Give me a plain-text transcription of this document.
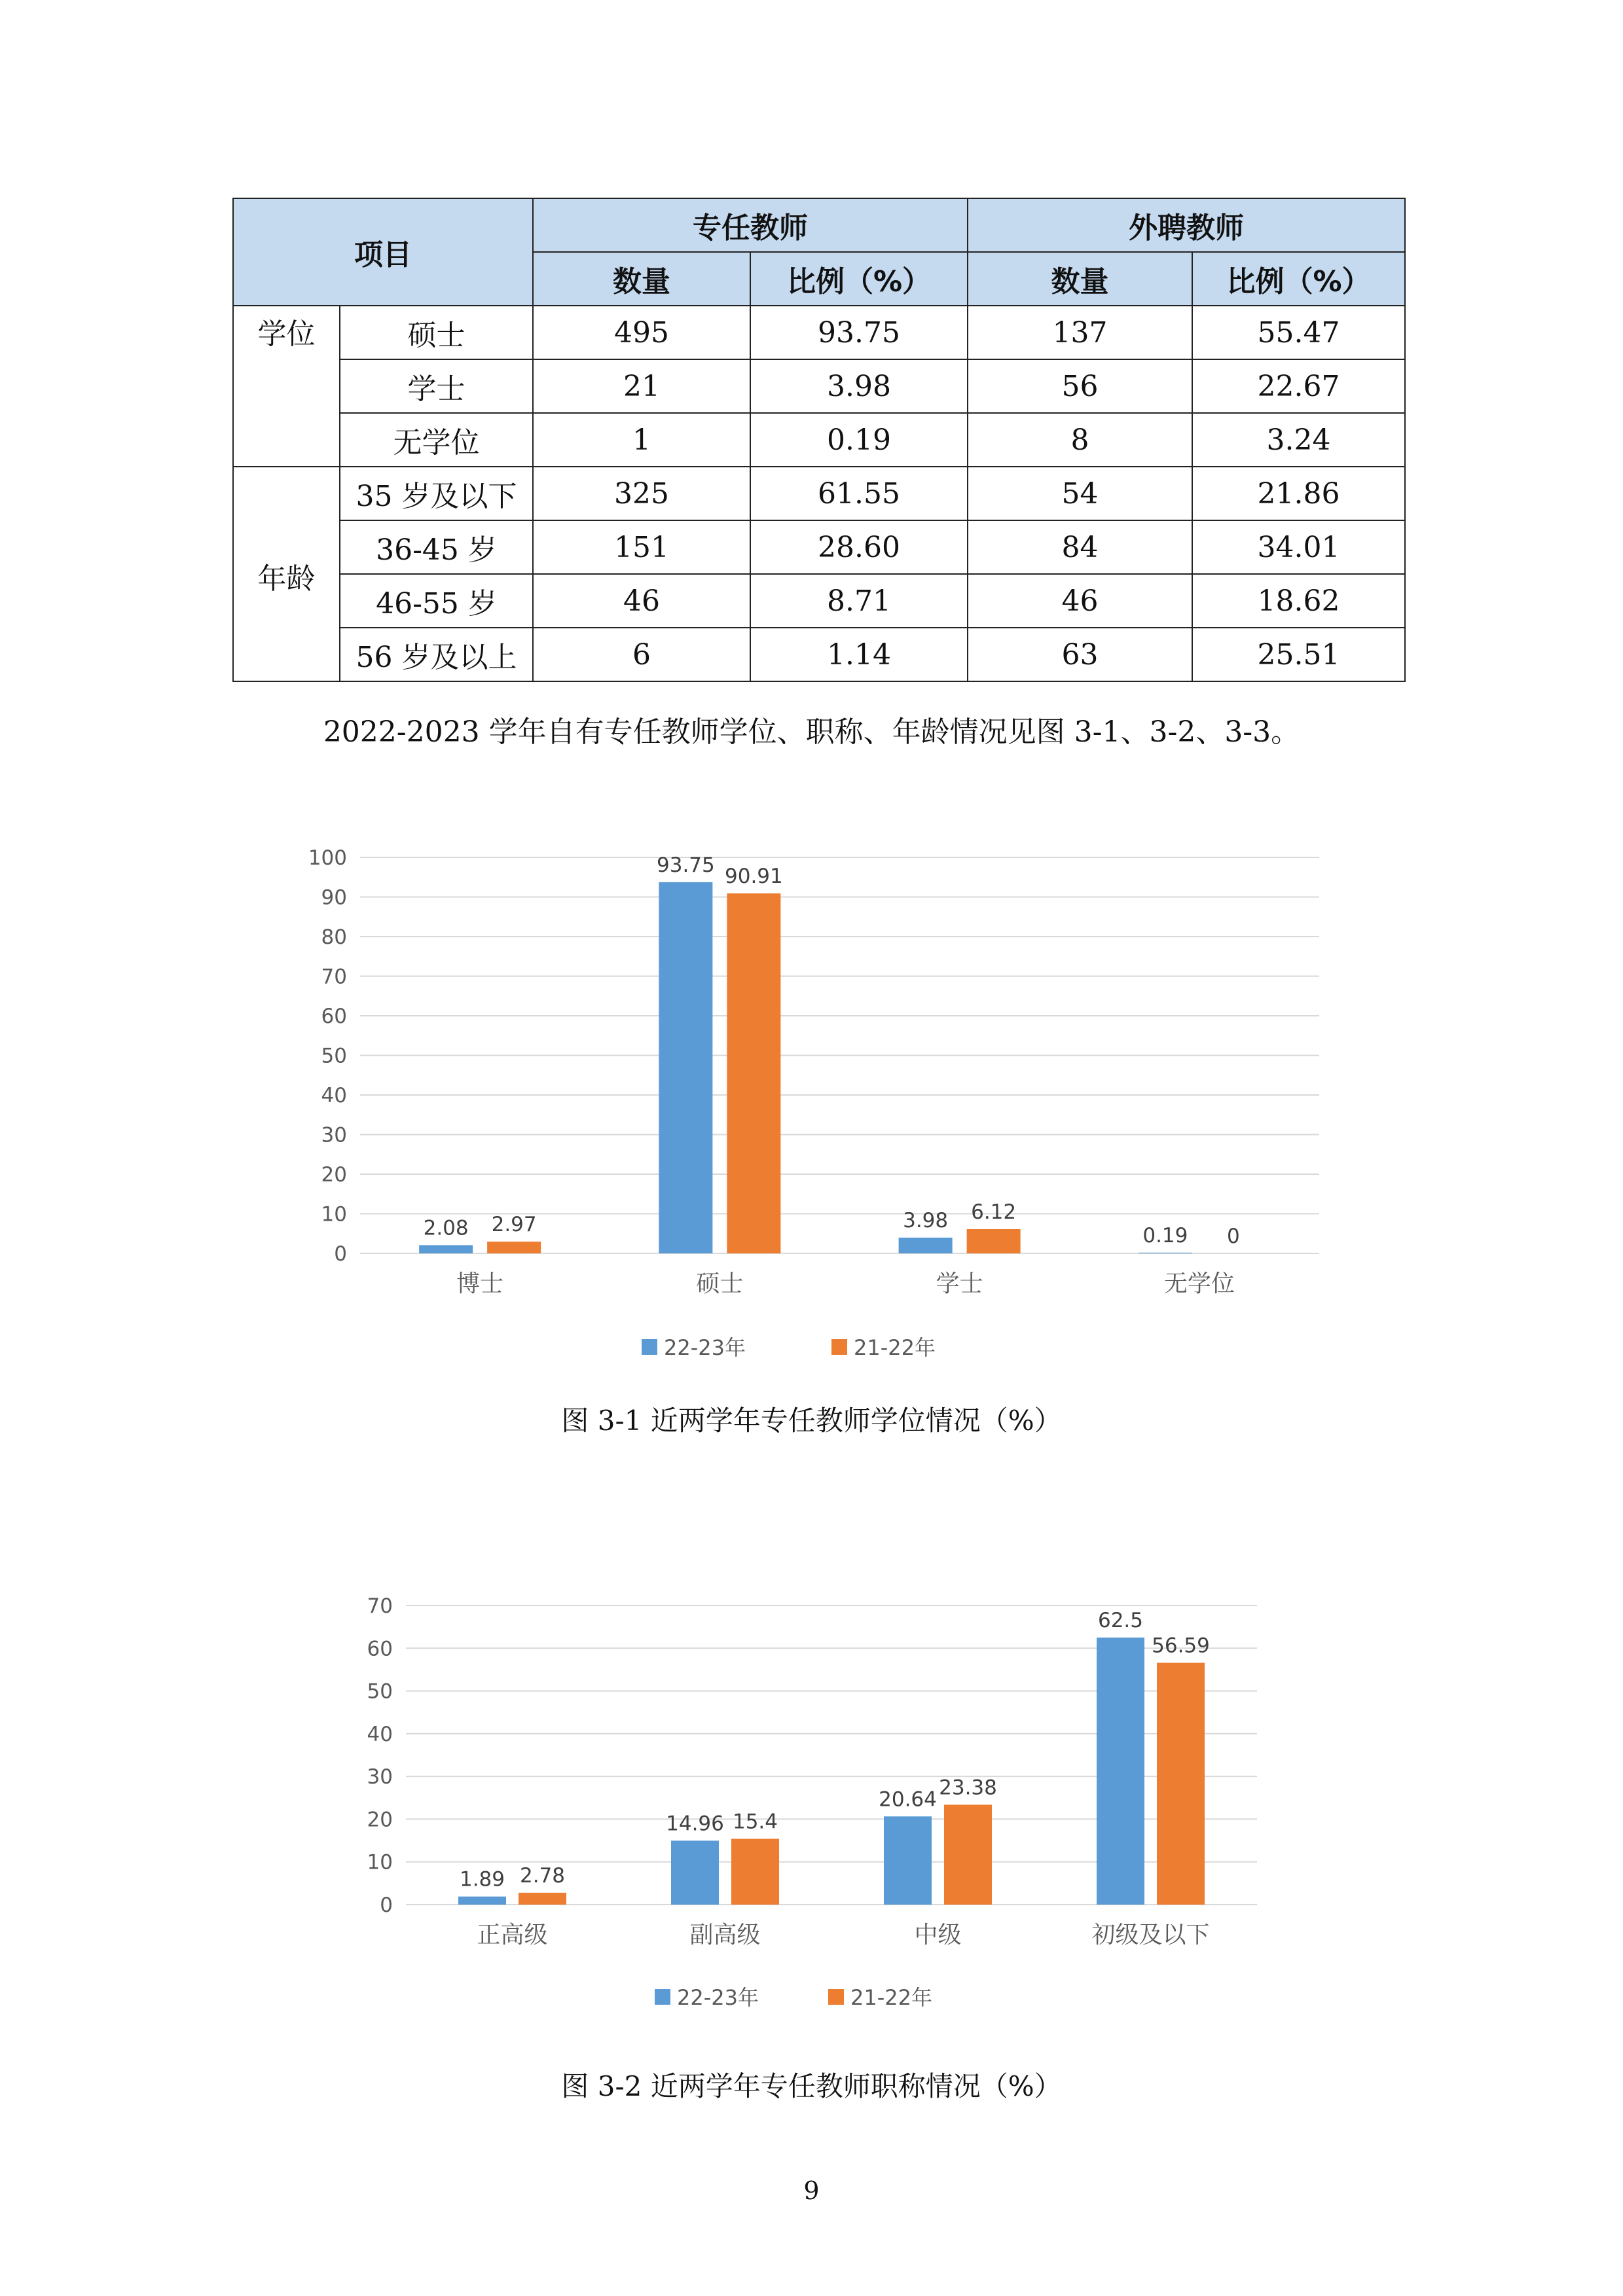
项目		专任教师		外聘教师	
		数量	比例（%）	数量	比例（%）
学位	硕士	495	93.75	137	55.47
	学士	21	3.98	56	22.67
	无学位	1	0.19	8	3.24
年龄	35 岁及以下	325	61.55	54	21.86
	36-45 岁	151	28.60	84	34.01
	46-55 岁	46	8.71	46	18.62
	56 岁及以上	6	1.14	63	25.51
2022-2023 学年自有专任教师学位、职称、年龄情况见图 3-1、3-2、3-3。
0
10
20
30
40
50
60
70
80
90
100
2.08 2.97
博士
93.75 90.91
硕士
3.98 6.12
学士
0.19 0
无学位
22-23年	21-22年
图 3-1 近两学年专任教师学位情况（%）
0
10
20
30
40
50
60
70
1.89 2.78
正高级
14.96 15.4
副高级
20.64 23.38
中级
62.5
56.59
初级及以下
22-23年	21-22年
图 3-2 近两学年专任教师职称情况（%）
9
